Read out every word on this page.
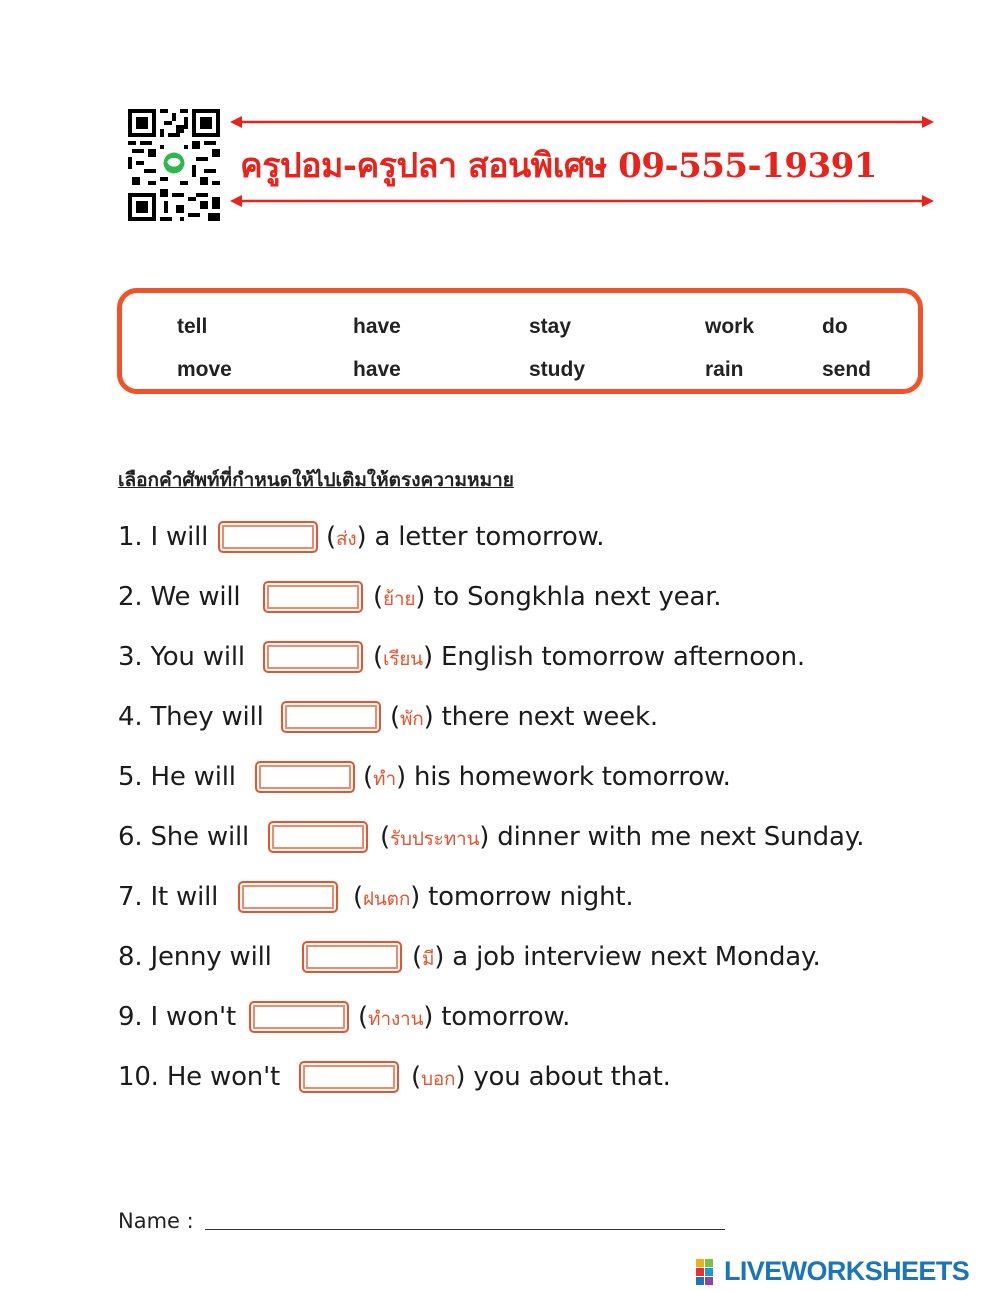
ครูปอม-ครูปลา สอนพิเศษ 09-555-19391
tell	have	stay	work	do
move	have	study	rain	send
เลือกคำศัพท์ที่กำหนดให้ไปเติมให้ตรงความหมาย
1. I will	(ส่ง) a letter tomorrow.
2. We will	(ย้าย) to Songkhla next year.
3. You will	(เรียน) English tomorrow afternoon.
4. They will	(พัก) there next week.
5. He will	(ทำ) his homework tomorrow.
6. She will	(รับประทาน) dinner with me next Sunday.
7. It will	(ฝนตก) tomorrow night.
8. Jenny will	(มี) a job interview next Monday.
9. I won't	(ทำงาน) tomorrow.
10. He won't	(บอก) you about that.
Name :
LIVEWORKSHEETS
